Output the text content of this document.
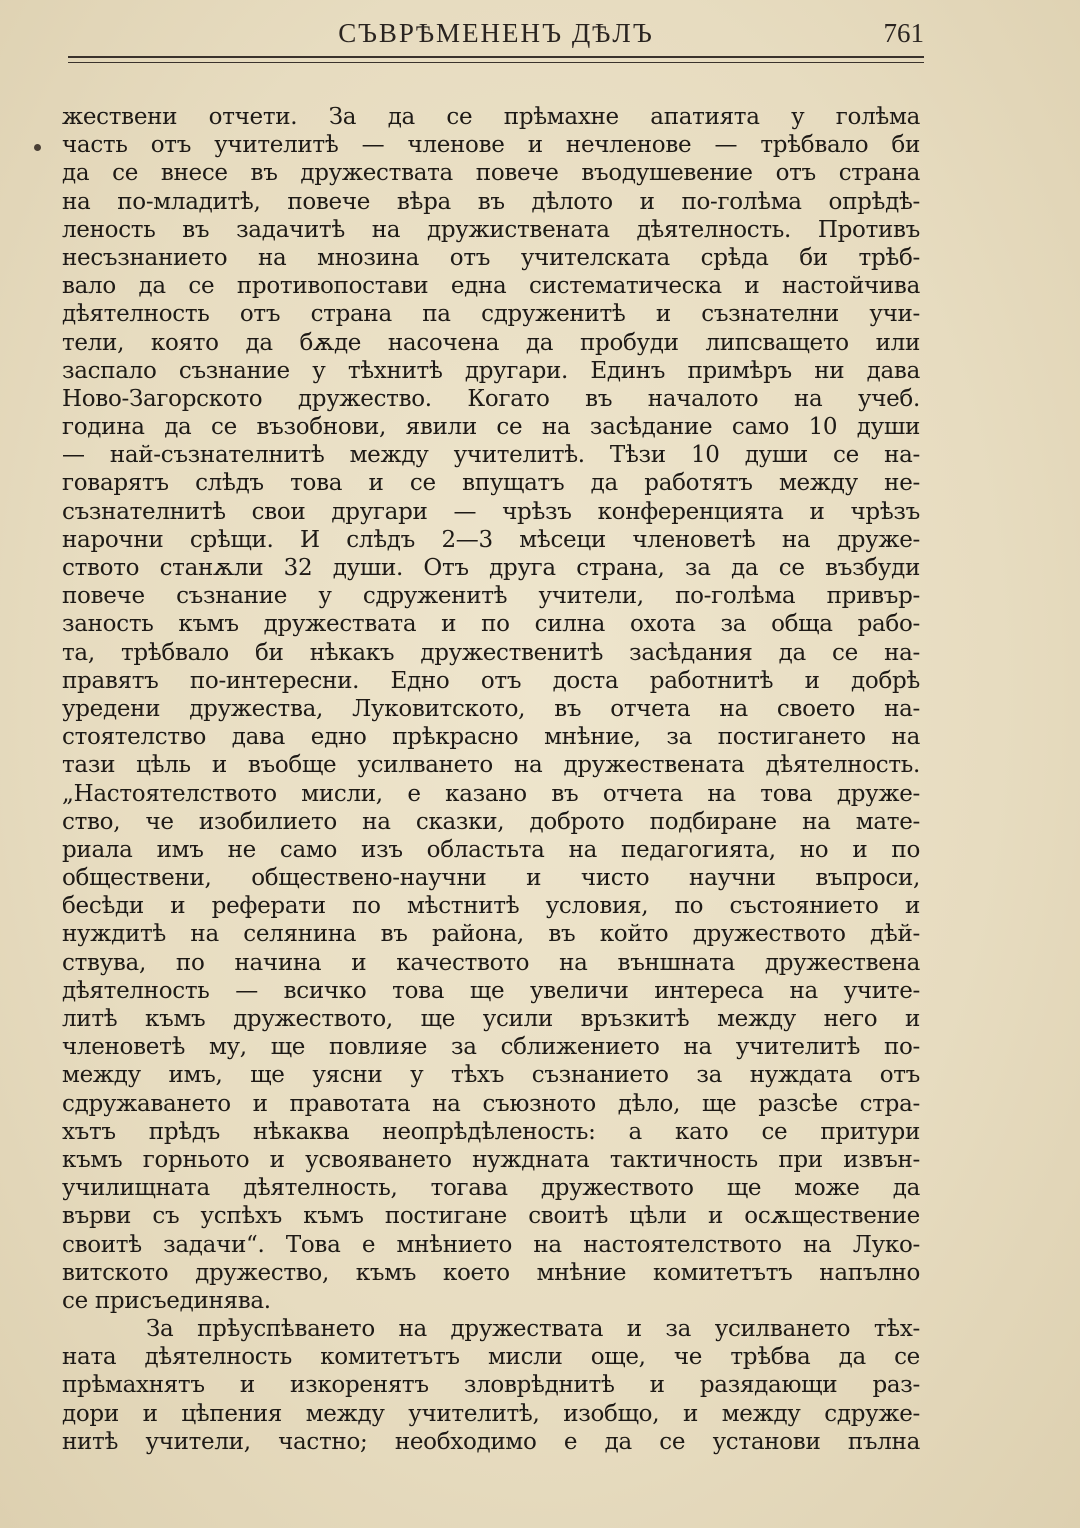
СЪВРѢМЕНЕНЪ ДѢЛЪ	761
жествени отчети. За да се прѣмахне апатията у голѣма
часть отъ учителитѣ — членове и нечленове — трѣбвало би
да се внесе въ дружествата повече въодушевение отъ страна
на по-младитѣ, повече вѣра въ дѣлото и по-голѣма опрѣдѣ-
леность въ задачитѣ на дружиствената дѣятелность. Противъ
несъзнанието на мнозина отъ учителската срѣда би трѣб-
вало да се противопостави една систематическа и настойчива
дѣятелность отъ страна па сдруженитѣ и съзнателни учи-
тели, която да бѫде насочена да пробуди липсващето или
заспало съзнание у тѣхнитѣ другари. Единъ примѣръ ни дава
Ново-Загорското дружество. Когато въ началото на учеб.
година да се възобнови, явили се на засѣдание само 10 души
— най-съзнателнитѣ между учителитѣ. Тѣзи 10 души се на-
говарятъ слѣдъ това и се впущатъ да работятъ между не-
съзнателнитѣ свои другари — чрѣзъ конференцията и чрѣзъ
нарочни срѣщи. И слѣдъ 2—3 мѣсеци членоветѣ на друже-
ството станѫли 32 души. Отъ друга страна, за да се възбуди
повече съзнание у сдруженитѣ учители, по-голѣма привър-
заность къмъ дружествата и по силна охота за обща рабо-
та, трѣбвало би нѣкакъ дружественитѣ засѣдания да се на-
правятъ по-интересни. Едно отъ доста работнитѣ и добрѣ
уредени дружества, Луковитското, въ отчета на своето на-
стоятелство дава едно прѣкрасно мнѣние, за постигането на
тази цѣль и въобще усилването на дружествената дѣятелность.
„Настоятелството мисли, е казано въ отчета на това друже-
ство, че изобилието на сказки, доброто подбиране на мате-
риала имъ не само изъ областьта на педагогията, но и по
обществени, обществено-научни и чисто научни въпроси,
бесѣди и реферати по мѣстнитѣ условия, по състоянието и
нуждитѣ на селянина въ района, въ който дружеството дѣй-
ствува, по начина и качеството на външната дружествена
дѣятелность — всичко това ще увеличи интереса на учите-
литѣ къмъ дружеството, ще усили връзкитѣ между него и
членоветѣ му, ще повлияе за сближението на учителитѣ по-
между имъ, ще уясни у тѣхъ съзнанието за нуждата отъ
сдружаването и правотата на съюзното дѣло, ще разсѣе стра-
хътъ прѣдъ нѣкаква неопрѣдѣленость: а като се притури
къмъ горньото и усвояването нуждната тактичность при извън-
училищната дѣятелность, тогава дружеството ще може да
върви съ успѣхъ къмъ постигане своитѣ цѣли и осѫществение
своитѣ задачи“. Това е мнѣнието на настоятелството на Луко-
витското дружество, къмъ което мнѣние комитетътъ напълно
се присъединява.
За прѣуспѣването на дружествата и за усилването тѣх-
ната дѣятелность комитетътъ мисли още, че трѣбва да се
прѣмахнятъ и изкоренятъ зловрѣднитѣ и разядающи раз-
дори и цѣпения между учителитѣ, изобщо, и между сдруже-
нитѣ учители, частно; необходимо е да се установи пълна
